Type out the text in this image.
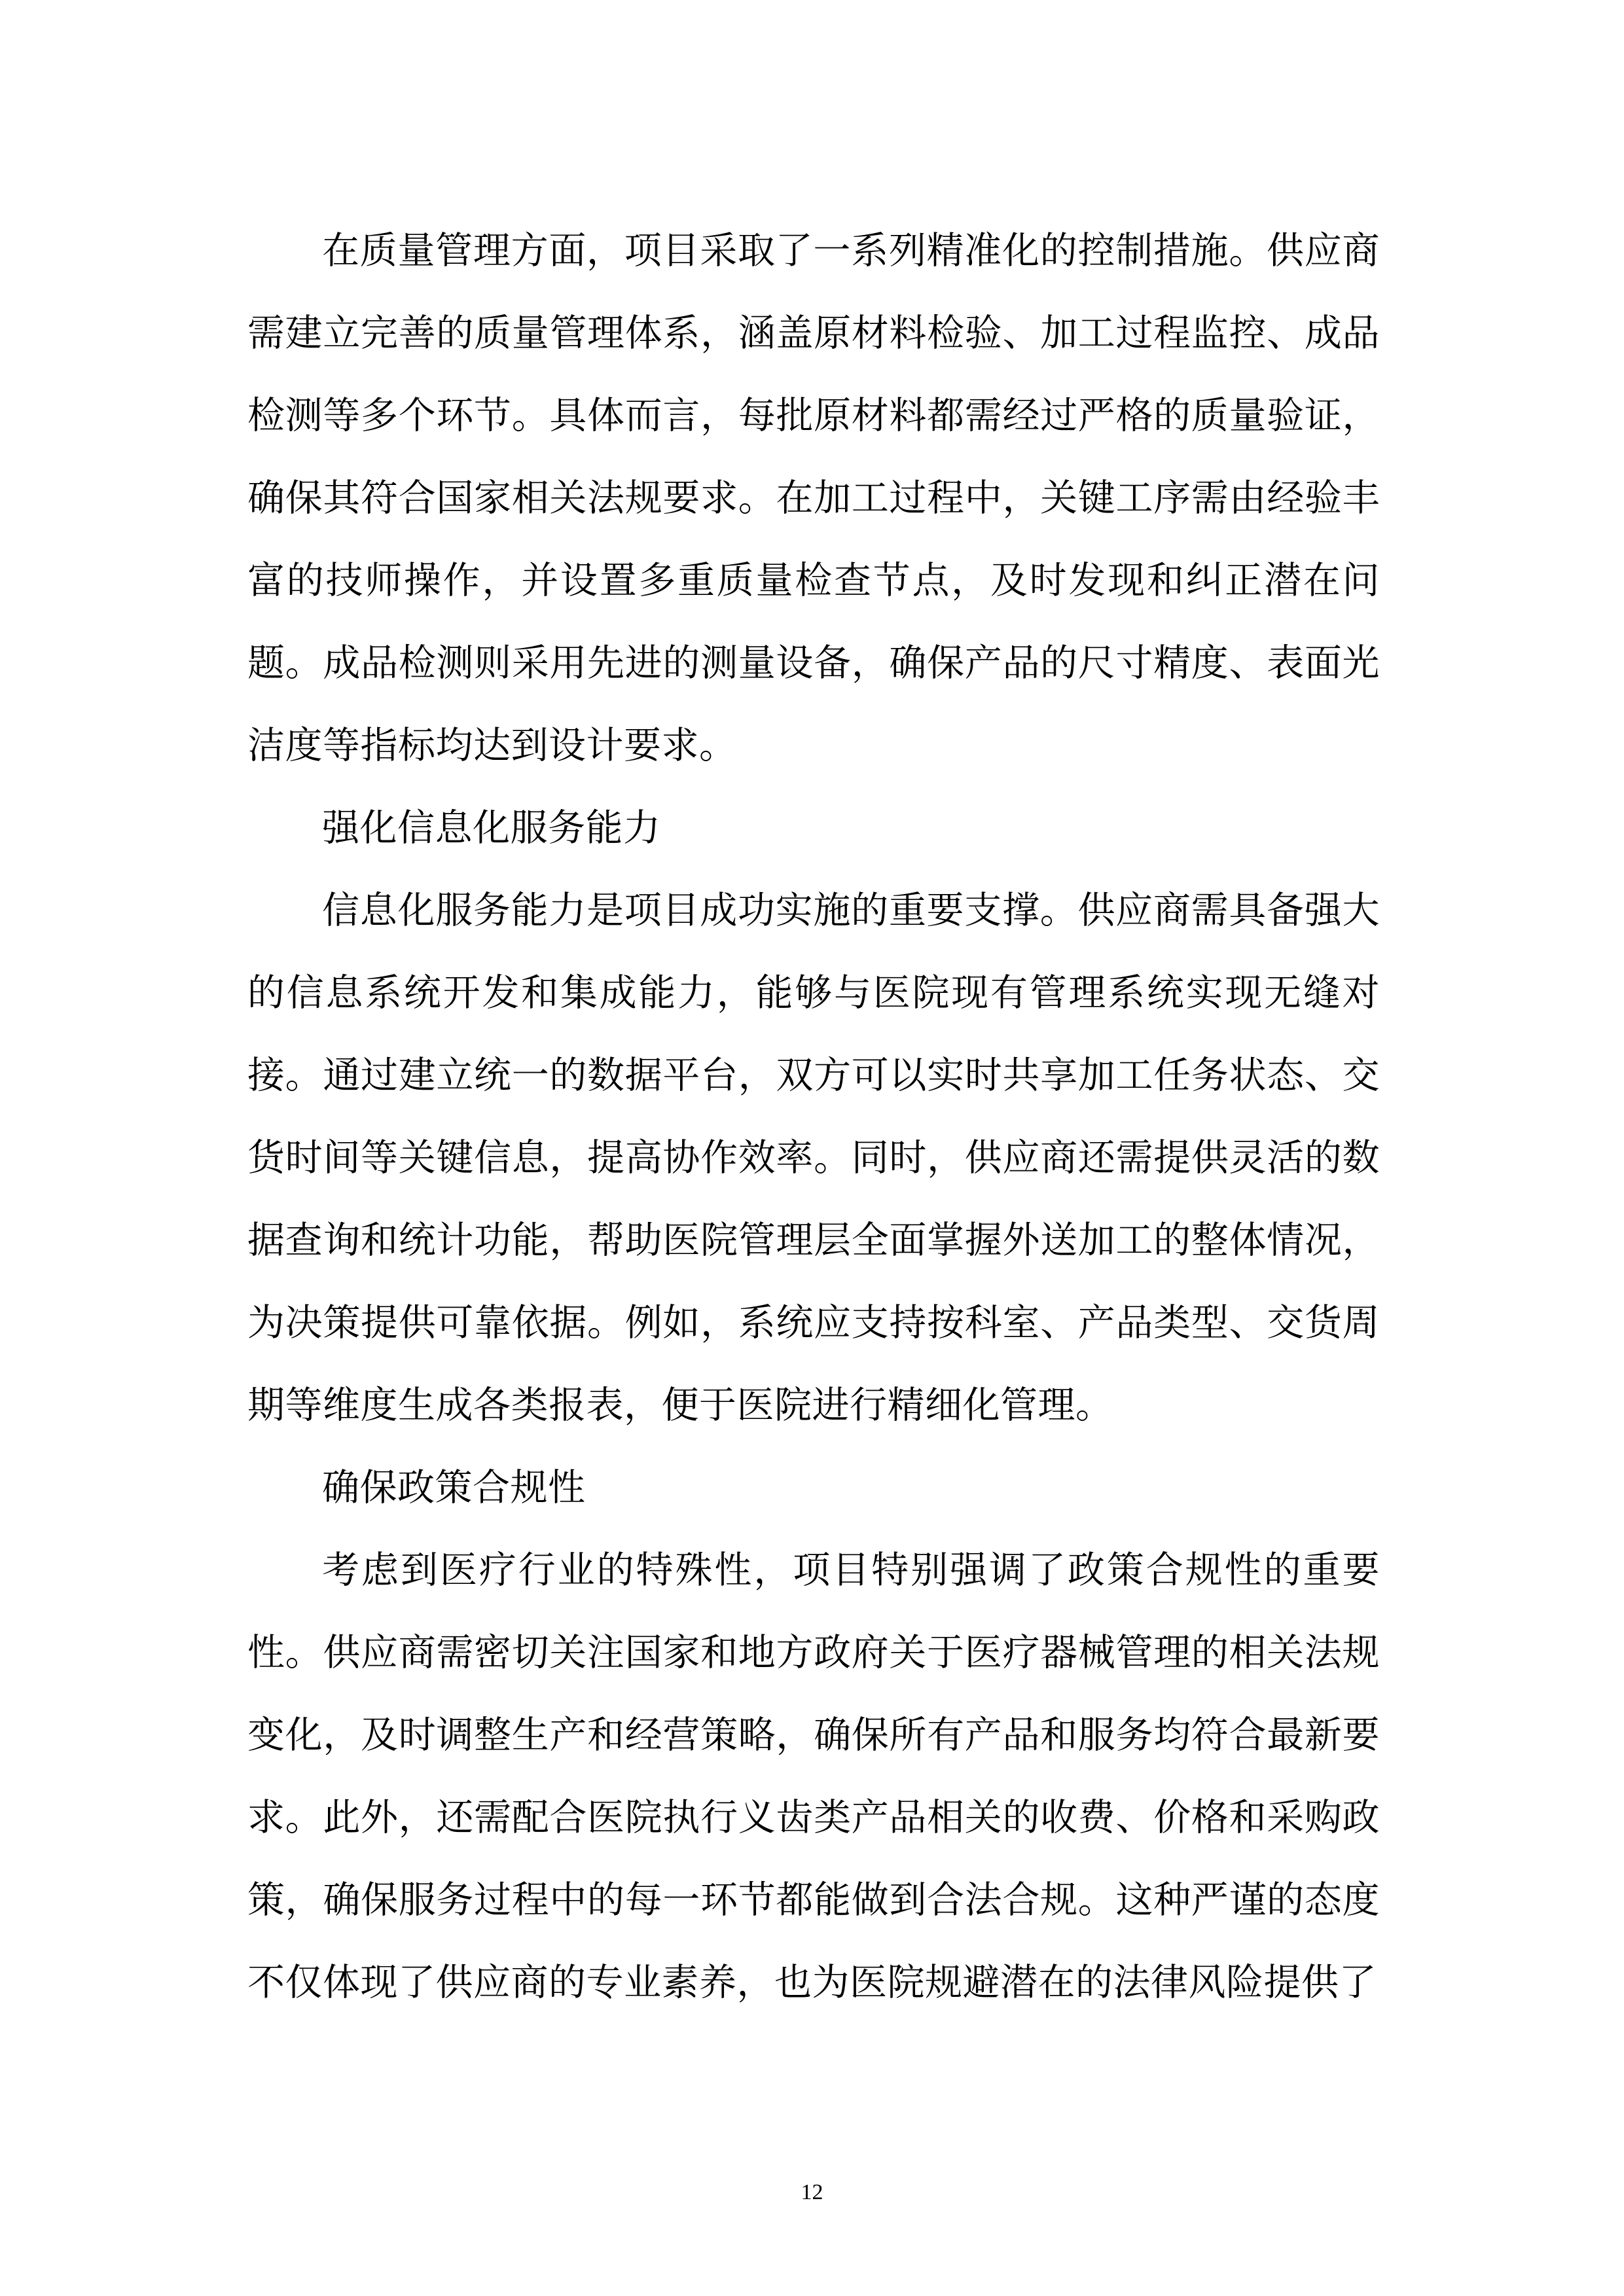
在质量管理方面，项目采取了一系列精准化的控制措施。供应商需建立完善的质量管理体系，涵盖原材料检验、加工过程监控、成品检测等多个环节。具体而言，每批原材料都需经过严格的质量验证，确保其符合国家相关法规要求。在加工过程中，关键工序需由经验丰富的技师操作，并设置多重质量检查节点，及时发现和纠正潜在问题。成品检测则采用先进的测量设备，确保产品的尺寸精度、表面光洁度等指标均达到设计要求。

强化信息化服务能力

信息化服务能力是项目成功实施的重要支撑。供应商需具备强大的信息系统开发和集成能力，能够与医院现有管理系统实现无缝对接。通过建立统一的数据平台，双方可以实时共享加工任务状态、交货时间等关键信息，提高协作效率。同时，供应商还需提供灵活的数据查询和统计功能，帮助医院管理层全面掌握外送加工的整体情况，为决策提供可靠依据。例如，系统应支持按科室、产品类型、交货周期等维度生成各类报表，便于医院进行精细化管理。

确保政策合规性

考虑到医疗行业的特殊性，项目特别强调了政策合规性的重要性。供应商需密切关注国家和地方政府关于医疗器械管理的相关法规变化，及时调整生产和经营策略，确保所有产品和服务均符合最新要求。此外，还需配合医院执行义齿类产品相关的收费、价格和采购政策，确保服务过程中的每一环节都能做到合法合规。这种严谨的态度不仅体现了供应商的专业素养，也为医院规避潜在的法律风险提供了

12
